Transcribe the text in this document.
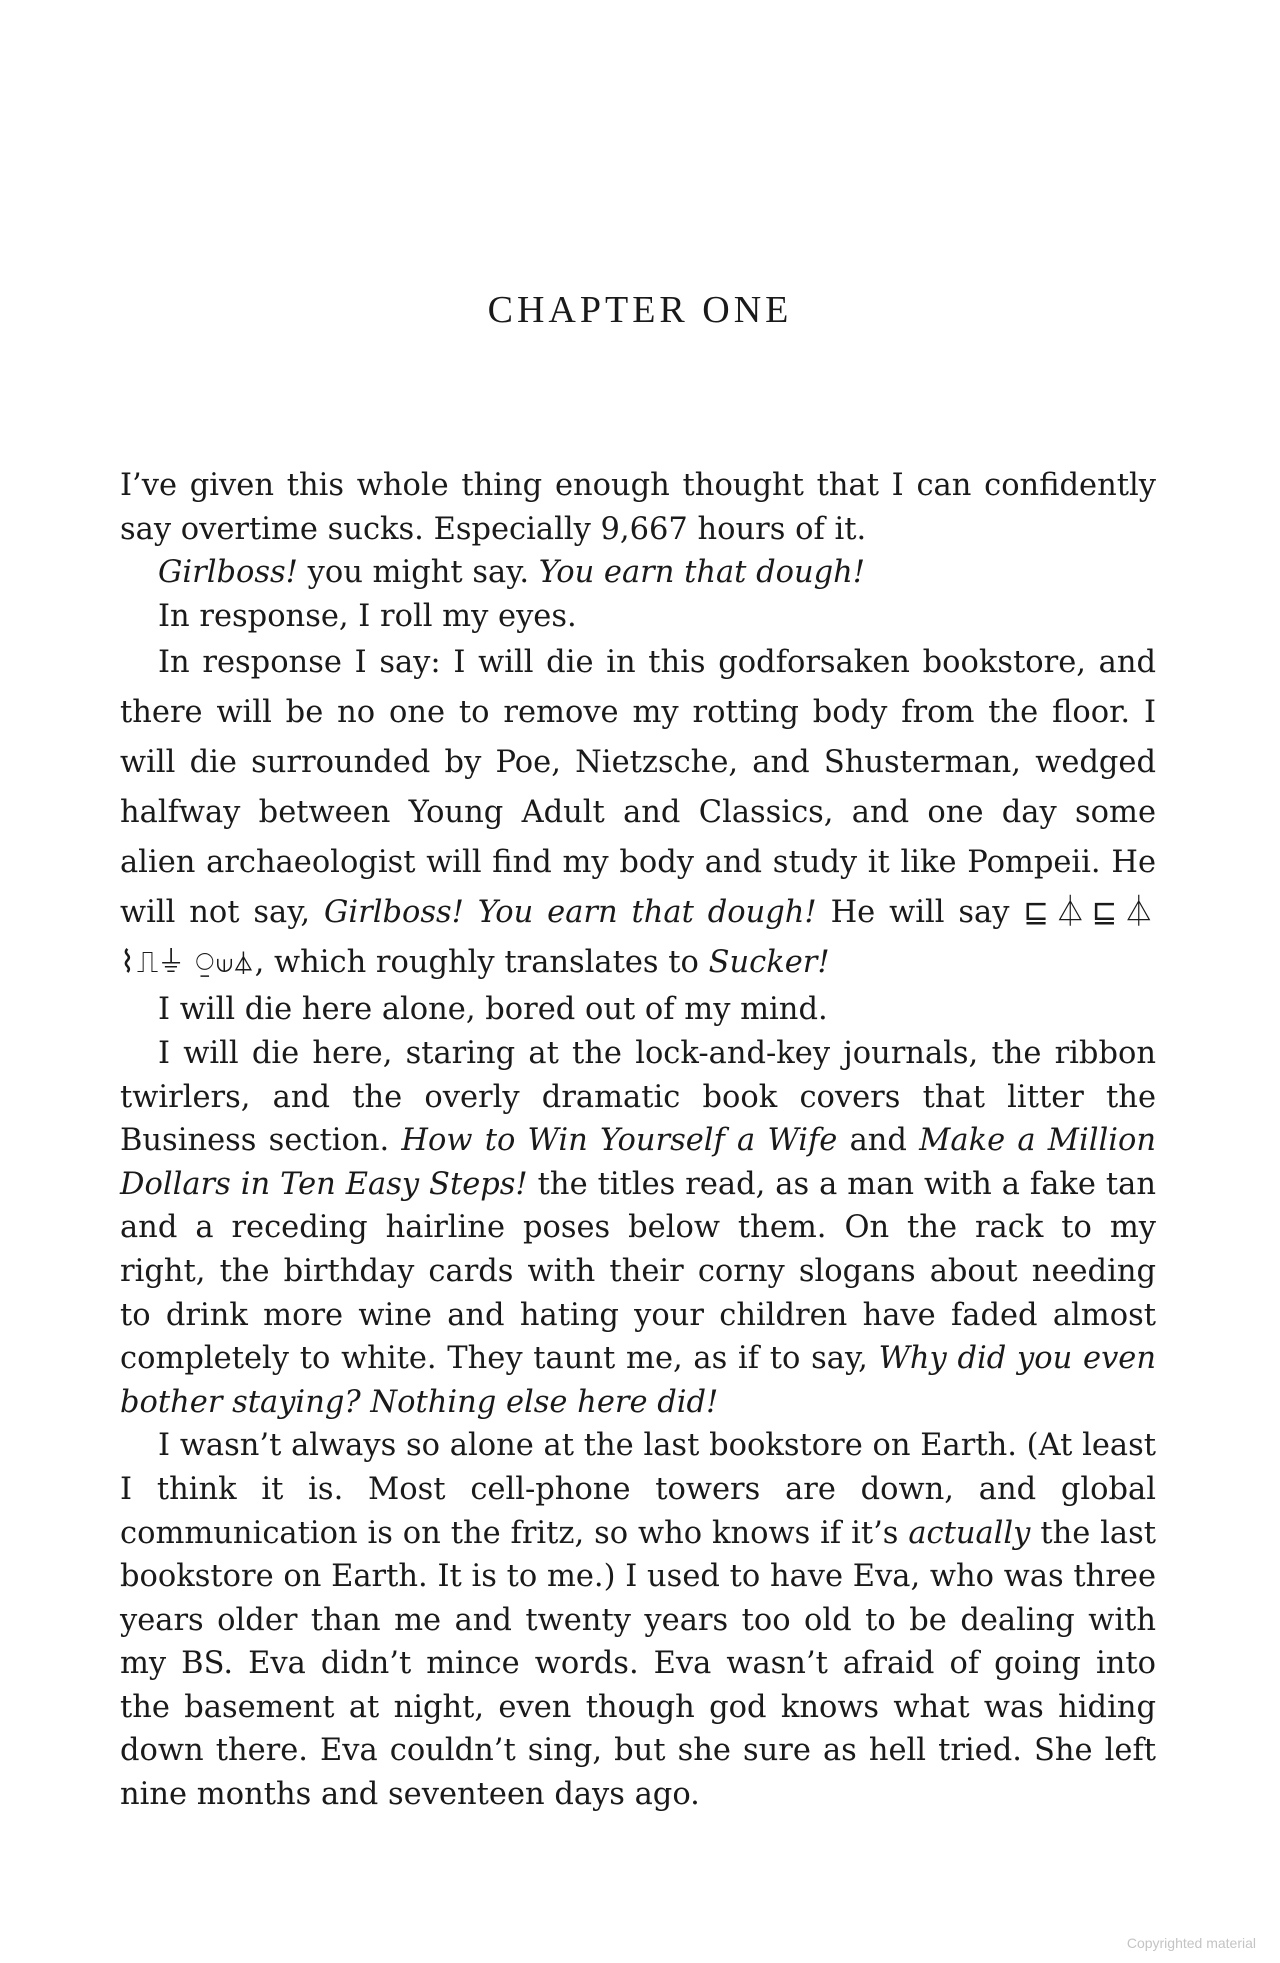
CHAPTER ONE

I’ve given this whole thing enough thought that I can confidently say overtime sucks. Especially 9,667 hours of it.

Girlboss! you might say. You earn that dough!

In response, I roll my eyes.

In response I say: I will die in this godforsaken bookstore, and there will be no one to remove my rotting body from the floor. I will die surrounded by Poe, Nietzsche, and Shusterman, wedged halfway between Young Adult and Classics, and one day some alien archaeologist will find my body and study it like Pompeii. He will not say, Girlboss! You earn that dough! He will say ⊑⏃⊑⏃ ⌇⎍⏚ ⍜⟒⏃, which roughly translates to Sucker!

I will die here alone, bored out of my mind.

I will die here, staring at the lock-and-key journals, the ribbon twirlers, and the overly dramatic book covers that litter the Business section. How to Win Yourself a Wife and Make a Million Dollars in Ten Easy Steps! the titles read, as a man with a fake tan and a receding hairline poses below them. On the rack to my right, the birthday cards with their corny slogans about needing to drink more wine and hating your children have faded almost completely to white. They taunt me, as if to say, Why did you even bother staying? Nothing else here did!

I wasn’t always so alone at the last bookstore on Earth. (At least I think it is. Most cell-phone towers are down, and global communication is on the fritz, so who knows if it’s actually the last bookstore on Earth. It is to me.) I used to have Eva, who was three years older than me and twenty years too old to be dealing with my BS. Eva didn’t mince words. Eva wasn’t afraid of going into the basement at night, even though god knows what was hiding down there. Eva couldn’t sing, but she sure as hell tried. She left nine months and seventeen days ago.

Copyrighted material
